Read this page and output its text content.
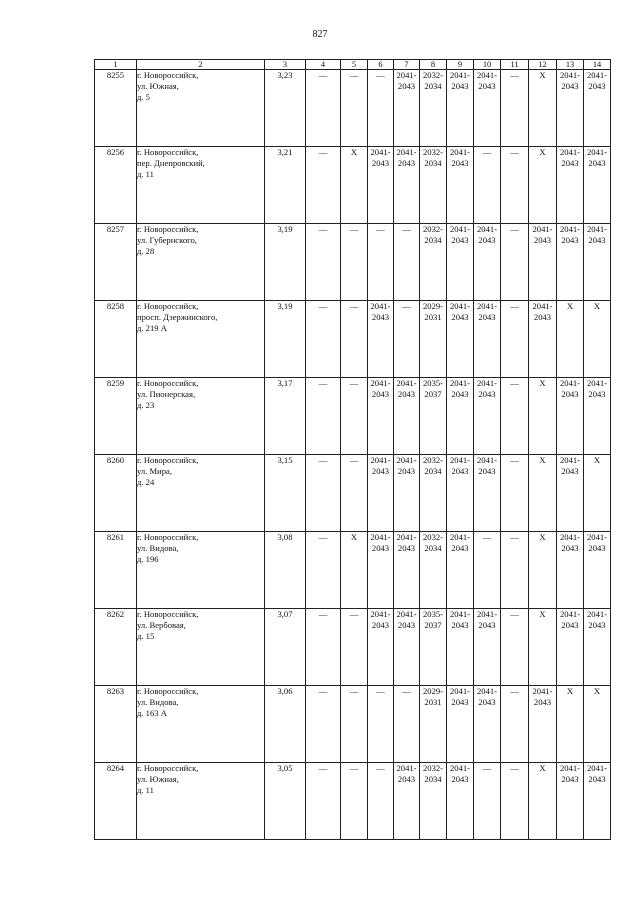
827
1	2	3	4	5	6	7	8	9	10	11	12	13	14
8255	г. Новороссийск,
ул. Южная,
д. 5	3,23	—	—	—	2041-
2043	2032-
2034	2041-
2043	2041-
2043	—	X	2041-
2043	2041-
2043

8256	г. Новороссийск,
пер. Днепровский,
д. 11	3,21	—	X	2041-
2043	2041-
2043	2032-
2034	2041-
2043	—	—	X	2041-
2043	2041-
2043

8257	г. Новороссийск,
ул. Губернского,
д. 28	3,19	—	—	—	—	2032-
2034	2041-
2043	2041-
2043	—	2041-
2043	2041-
2043	2041-
2043

8258	г. Новороссийск,
просп. Дзержинского,
д. 219 А	3,19	—	—	2041-
2043	—	2029-
2031	2041-
2043	2041-
2043	—	2041-
2043	X	X

8259	г. Новороссийск,
ул. Пионерская,
д. 23	3,17	—	—	2041-
2043	2041-
2043	2035-
2037	2041-
2043	2041-
2043	—	X	2041-
2043	2041-
2043

8260	г. Новороссийск,
ул. Мира,
д. 24	3,15	—	—	2041-
2043	2041-
2043	2032-
2034	2041-
2043	2041-
2043	—	X	2041-
2043	X

8261	г. Новороссийск,
ул. Видова,
д. 196	3,08	—	X	2041-
2043	2041-
2043	2032-
2034	2041-
2043	—	—	X	2041-
2043	2041-
2043

8262	г. Новороссийск,
ул. Вербовая,
д. 15	3,07	—	—	2041-
2043	2041-
2043	2035-
2037	2041-
2043	2041-
2043	—	X	2041-
2043	2041-
2043

8263	г. Новороссийск,
ул. Видова,
д. 163 А	3,06	—	—	—	—	2029-
2031	2041-
2043	2041-
2043	—	2041-
2043	X	X

8264	г. Новороссийск,
ул. Южная,
д. 11	3,05	—	—	—	2041-
2043	2032-
2034	2041-
2043	—	—	X	2041-
2043	2041-
2043
